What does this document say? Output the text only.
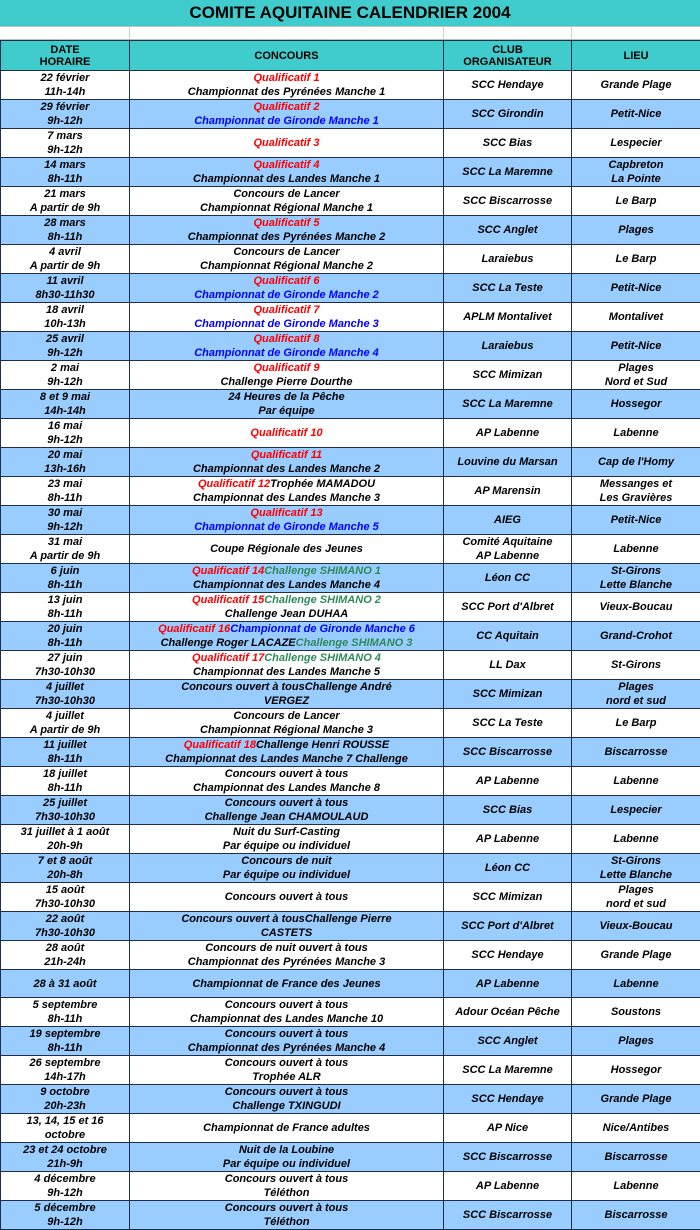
COMITE AQUITAINE CALENDRIER 2004
DATE
HORAIRE	CONCOURS	CLUB
ORGANISATEUR	LIEU

22 février
11h-14h	Qualificatif 1
Championnat des Pyrénées Manche 1	SCC Hendaye	Grande Plage

29 février
9h-12h	Qualificatif 2
Championnat de Gironde Manche 1	SCC Girondin	Petit-Nice

7 mars
9h-12h	Qualificatif 3	SCC Bias	Lespecier

14 mars
8h-11h	Qualificatif 4
Championnat des Landes Manche 1	SCC La Maremne	Capbreton
La Pointe

21 mars
A partir de 9h	Concours de Lancer
Championnat Régional Manche 1	SCC Biscarrosse	Le Barp

28 mars
8h-11h	Qualificatif 5
Championnat des Pyrénées Manche 2	SCC Anglet	Plages

4 avril
A partir de 9h	Concours de Lancer
Championnat Régional Manche 2	Laraiebus	Le Barp

11 avril
8h30-11h30	Qualificatif 6
Championnat de Gironde Manche 2	SCC La Teste	Petit-Nice

18 avril
10h-13h	Qualificatif 7
Championnat de Gironde Manche 3	APLM Montalivet	Montalivet

25 avril
9h-12h	Qualificatif 8
Championnat de Gironde Manche 4	Laraiebus	Petit-Nice

2 mai
9h-12h	Qualificatif 9
Challenge Pierre Dourthe	SCC Mimizan	Plages
Nord et Sud

8 et 9 mai
14h-14h	24 Heures de la Pêche
Par équipe	SCC La Maremne	Hossegor

16 mai
9h-12h	Qualificatif 10	AP Labenne	Labenne

20 mai
13h-16h	Qualificatif 11
Championnat des Landes Manche 2	Louvine du Marsan	Cap de l'Homy

23 mai
8h-11h	Qualificatif 12Trophée MAMADOU
Championnat des Landes Manche 3	AP Marensin	Messanges et
Les Gravières

30 mai
9h-12h	Qualificatif 13
Championnat de Gironde Manche 5	AIEG	Petit-Nice

31 mai
A partir de 9h	Coupe Régionale des Jeunes	Comité Aquitaine
AP Labenne	Labenne

6 juin
8h-11h	Qualificatif 14Challenge SHIMANO 1
Championnat des Landes Manche 4	Léon CC	St-Girons
Lette Blanche

13 juin
8h-11h	Qualificatif 15Challenge SHIMANO 2
Challenge Jean DUHAA	SCC Port d'Albret	Vieux-Boucau

20 juin
8h-11h	Qualificatif 16Championnat de Gironde Manche 6
Challenge Roger LACAZEChallenge SHIMANO 3	CC Aquitain	Grand-Crohot

27 juin
7h30-10h30	Qualificatif 17Challenge SHIMANO 4
Championnat des Landes Manche 5	LL Dax	St-Girons

4 juillet
7h30-10h30	Concours ouvert à tousChallenge André
VERGEZ	SCC Mimizan	Plages
nord et sud

4 juillet
A partir de 9h	Concours de Lancer
Championnat Régional Manche 3	SCC La Teste	Le Barp

11 juillet
8h-11h	Qualificatif 18Challenge Henri ROUSSE
Championnat des Landes Manche 7 Challenge	SCC Biscarrosse	Biscarrosse

18 juillet
8h-11h	Concours ouvert à tous
Championnat des Landes Manche 8	AP Labenne	Labenne

25 juillet
7h30-10h30	Concours ouvert à tous
Challenge Jean CHAMOULAUD	SCC Bias	Lespecier

31 juillet à 1 août
20h-9h	Nuit du Surf-Casting
Par équipe ou individuel	AP Labenne	Labenne

7 et 8 août
20h-8h	Concours de nuit
Par équipe ou individuel	Léon CC	St-Girons
Lette Blanche

15 août
7h30-10h30	Concours ouvert à tous	SCC Mimizan	Plages
nord et sud

22 août
7h30-10h30	Concours ouvert à tousChallenge Pierre
CASTETS	SCC Port d'Albret	Vieux-Boucau

28 août
21h-24h	Concours de nuit ouvert à tous
Championnat des Pyrénées Manche 3	SCC Hendaye	Grande Plage

28 à 31 août	Championnat de France des Jeunes	AP Labenne	Labenne

5 septembre
8h-11h	Concours ouvert à tous
Championnat des Landes Manche 10	Adour Océan Pêche	Soustons

19 septembre
8h-11h	Concours ouvert à tous
Championnat des Pyrénées Manche 4	SCC Anglet	Plages

26 septembre
14h-17h	Concours ouvert à tous
Trophée ALR	SCC La Maremne	Hossegor

9 octobre
20h-23h	Concours ouvert à tous
Challenge TXINGUDI	SCC Hendaye	Grande Plage

13, 14, 15 et 16
octobre	Championnat de France adultes	AP Nice	Nice/Antibes

23 et 24 octobre
21h-9h	Nuit de la Loubine
Par équipe ou individuel	SCC Biscarrosse	Biscarrosse

4 décembre
9h-12h	Concours ouvert à tous
Téléthon	AP Labenne	Labenne

5 décembre
9h-12h	Concours ouvert à tous
Téléthon	SCC Biscarrosse	Biscarrosse
